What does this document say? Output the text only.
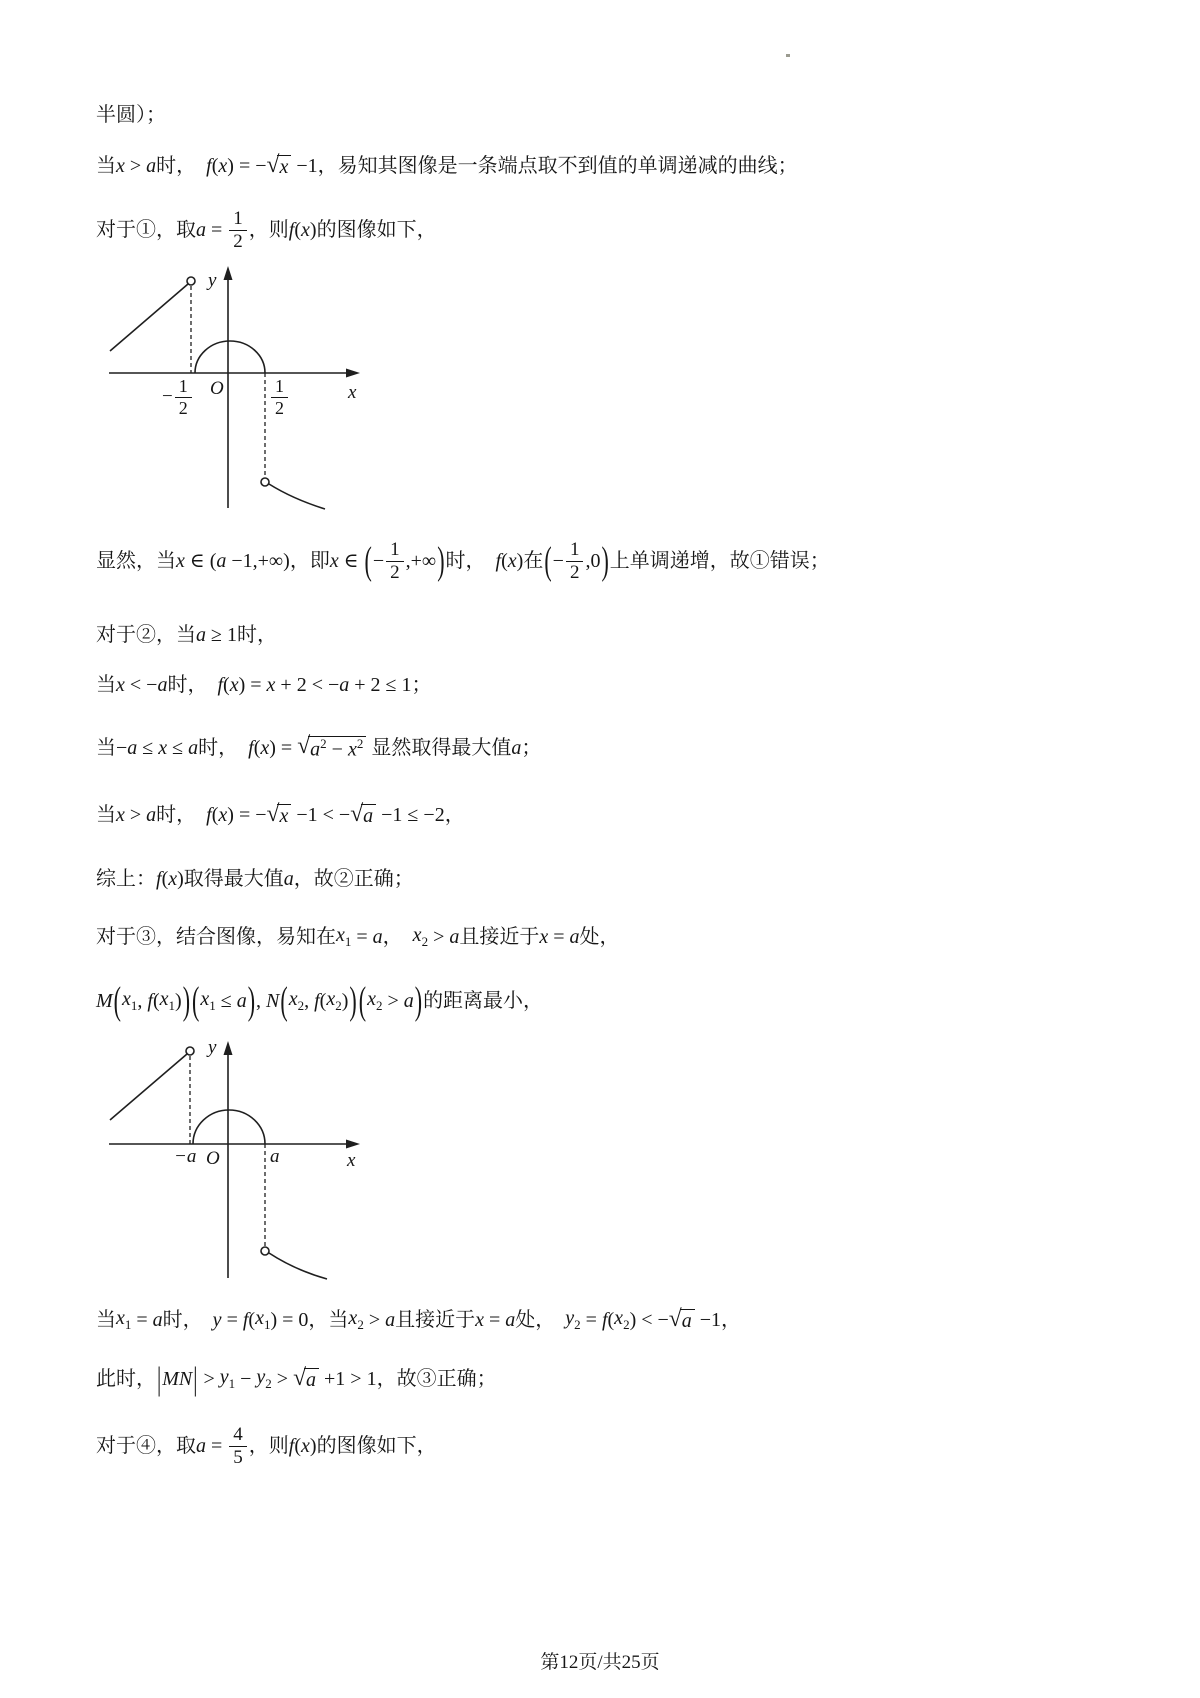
半圆）；
当 x > a 时， f ( x ) = − √ x −1，易知其图像是一条端点取不到值的单调递减的曲线；
对于①，取 $a = \frac{1}{2}$ ，则 f ( x )的图像如下，
y
x
O
− $\frac{1}{2}$	$\frac{1}{2}$
显然，当 x ∈ ( a −1,+∞)，即 x ∈ ( − $\frac{1}{2}$ ,+∞ ) 时， f ( x )在 ( − $\frac{1}{2} ,0$ ) 上单调递增，故①错误；
对于②，当 a ≥ 1时，
当 x < − a 时， f ( x ) = x + 2 < − a + 2 ≤ 1；
当− a ≤ x ≤ a 时， f ( x ) = √ $a^2 - x^2$ 显然取得最大值 a ；
当 x > a 时， f ( x ) = − √ x −1 < − √ a −1 ≤ −2，
综上： f ( x )取得最大值 a ，故②正确；
对于③，结合图像，易知在 $x_1 = a$ ， $x_2 > a$ 且接近于 x = a 处，
M ( $x_1$ , f ( $x_1$ ) ) ( $x_1 \le a$ ) , N ( $x_2$ , f ( $x_2$ ) ) ( $x_2 > a$ ) 的距离最小，
y
x
O
−a	a
当 $x_1 = a$ 时， y = f ( $x_1$ ) = 0，当 $x_2 > a$ 且接近于 x = a 处， $y_2 = f$ ( $x_2$ ) < − √ a −1，
此时， | MN | > $y_1 - y_2$ > √ a +1 > 1，故③正确；
对于④，取 $a = \frac{4}{5}$ ，则 f ( x )的图像如下，
第12页/共25页
